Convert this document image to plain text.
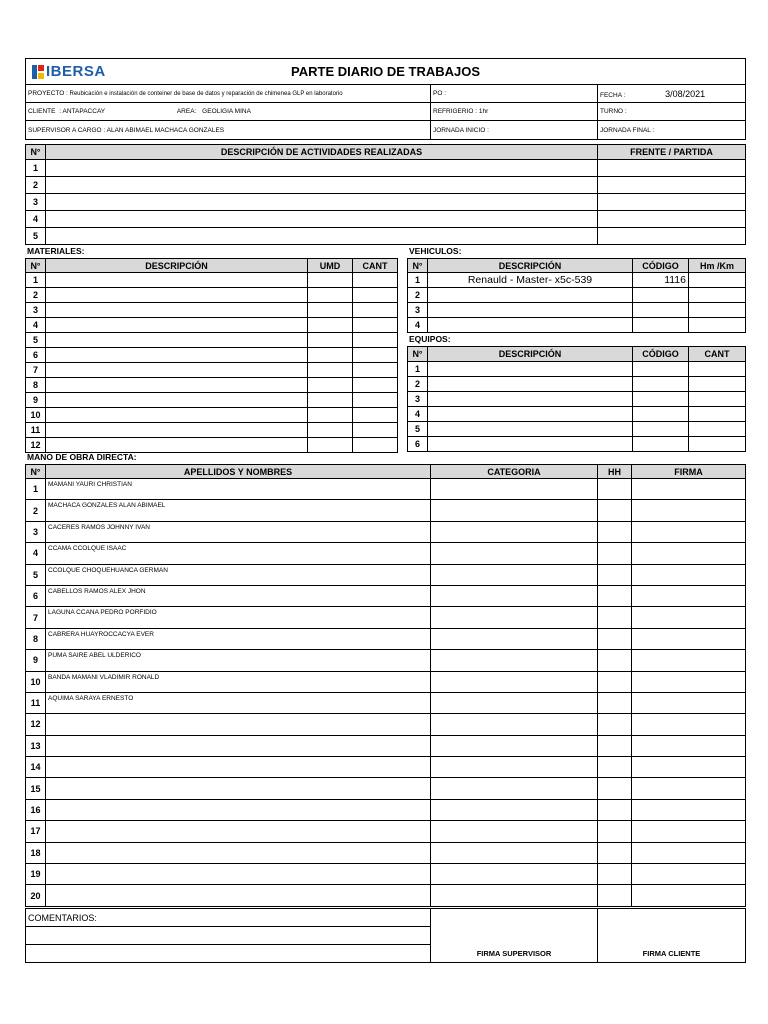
IBERSA PARTE DIARIO DE TRABAJOS		

PROYECTO : Reubicación e instalación de conteiner de base de datos y reparación de chimenea GLP en laboratorio	PO :	FECHA : 3/08/2021
CLIENTE : ANTAPACCAY AREA: GEOLIGIA MINA	REFRIGERIO : 1hr	TURNO :
SUPERVISOR A CARGO : ALAN ABIMAEL MACHACA GONZALES	JORNADA INICIO :	JORNADA FINAL :
N°	DESCRIPCIÓN DE ACTIVIDADES REALIZADAS	FRENTE / PARTIDA
1		
2		
3		
4		
5		
MATERIALES:
N°	DESCRIPCIÓN	UMD	CANT
1			
2			
3			
4			
5			
6			
7			
8			
9			
10			
11			
12			
VEHICULOS:
N°	DESCRIPCIÓN	CÓDIGO	Hm /Km
1	Renauld - Master- x5c-539	1116	
2			
3			
4			
EQUIPOS:
N°	DESCRIPCIÓN	CÓDIGO	CANT
1			
2			
3			
4			
5			
6			
MANO DE OBRA DIRECTA:
N°	APELLIDOS Y NOMBRES	CATEGORIA	HH	FIRMA
1	MAMANI YAURI CHRISTIAN			
2	MACHACA GONZALES ALAN ABIMAEL			
3	CACERES RAMOS JOHNNY IVAN			
4	CCAMA CCOLQUE ISAAC			
5	CCOLQUE CHOQUEHUANCA GERMAN			
6	CABELLOS RAMOS ALEX JHON			
7	LAGUNA CCANA PEDRO PORFIDIO			
8	CABRERA HUAYROCCACYA EVER			
9	PUMA SAIRE ABEL ULDERICO			
10	BANDA MAMANI VLADIMIR RONALD			
11	AQUIMA SARAYA ERNESTO			
12				
13				
14				
15				
16				
17				
18				
19				
20				
COMENTARIOS:	FIRMA SUPERVISOR	FIRMA CLIENTE
